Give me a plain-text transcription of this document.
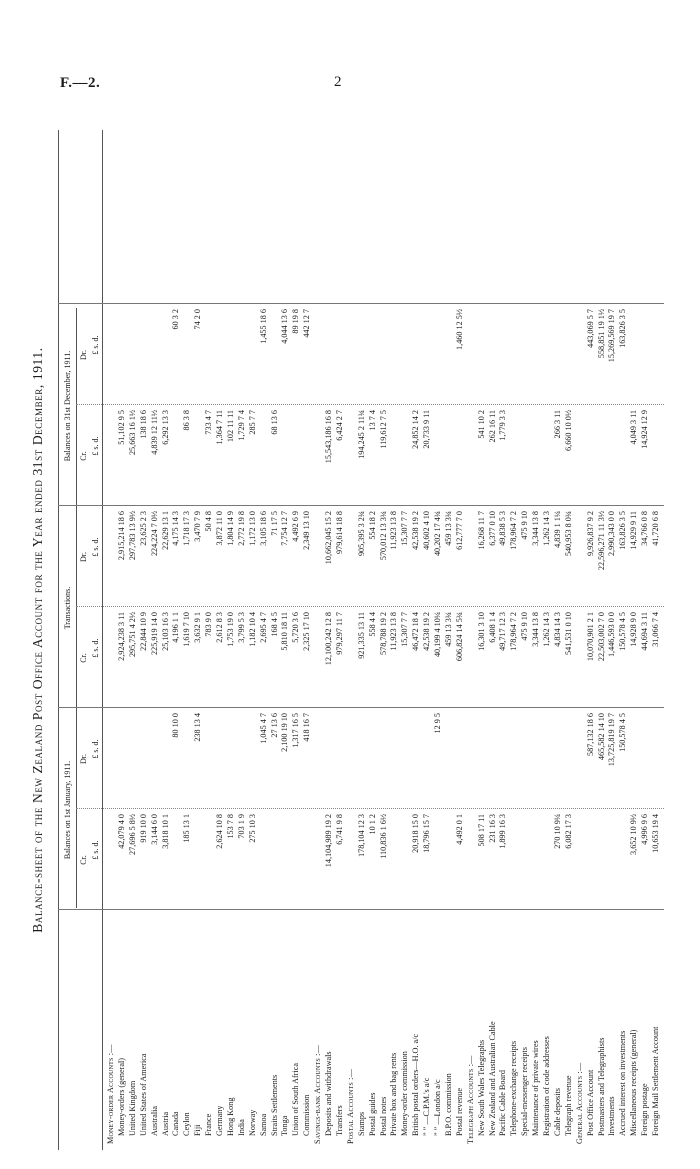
F.—2.	2
Balance-sheet of the New Zealand Post Office Account for the Year ended 31st December, 1911.	Balances on 1st January, 1911.
Transactions.
Balances on 31st December, 1911.
Cr.
Dr.
Cr.
Dr.
Cr.
Dr.
£ s. d.
£ s. d.
£ s. d.
£ s. d.
£ s. d.
£ s. d.
Money-order Accounts :— Money-orders (general)
42,079 4 0
2,924,238 3 11
2,915,214 18 6
51,102 9 5
United Kingdom
27,696 5 8½
295,751 4 2½
297,783 13 9½
25,663 16 1½
United States of America
919 10 0
22,844 10 9
23,625 2 3
138 18 6
Australia
3,144 6 0
225,919 14 0
224,224 7 0½
4,839 12 11½
Austria
3,818 10 1
25,103 16 3
22,629 13 1
6,292 13 3
Canada
80 10 0
4,196 1 1
4,175 14 3
60 3 2
Ceylon
185 13 1
1,619 7 10
1,718 17 3
86 3 8
Fiji
238 13 4
3,632 9 1
3,470 7 9
74 2 0
France
783 9 0
50 4 8
733 4 7
Germany
2,624 10 8
2,612 8 3
3,872 11 0
1,364 7 11
Hong Kong
153 7 8
1,753 19 0
1,804 14 9
102 11 11
India
703 1 9
3,799 5 3
2,772 19 8
1,729 7 4
Norway
275 10 3
1,182 10 4
1,172 13 0
285 7 7
Samoa
1,045 4 7
2,695 4 7
3,105 18 6
1,455 18 6
Straits Settlements
27 13 6
168 4 5
71 17 5
68 13 6
Tonga
2,100 19 10
5,810 18 11
7,754 12 7
4,044 13 6
Union of South Africa
1,317 16 5
5,720 3 6
4,492 6 9
89 19 8
Commission
418 16 7
2,325 17 10
2,349 13 10
442 12 7
Savings-bank Accounts :— Deposits and withdrawals
14,104,989 19 2
12,100,242 12 8
10,662,045 15 2
15,543,186 16 8
Transfers
6,741 9 8
979,297 11 7
979,614 18 8
6,424 2 7
Postal Accounts :— Stamps
178,104 12 3
921,335 13 11
905,395 3 2¾
194,245 2 11¾
Postal guides
10 1 2
558 4 4
554 18 2
13 7 4
Postal notes
110,836 1 6½
578,788 19 2
570,012 13 3¾
119,612 7 5
Private box and bag rents
11,923 13 8
11,923 13 8
Money-order commission
15,307 7 7
15,307 7 7
British postal orders—H.O. a/c
20,918 15 0
46,472 18 4
42,538 19 2
24,852 14 2
” ” —C.P.M.'s a/c
18,796 15 7
42,538 19 2
40,602 4 10
20,733 9 11
” ” —London a/c
12 9 5
40,199 4 10¼
40,202 17 4¾
B.P.O. commission
459 13 3¾
459 13 3¾
Postal revenue
4,492 0 1
606,824 14 5¾
612,777 7 0
1,460 12 5½
Telegraph Accounts :— New South Wales Telegraphs
508 17 11
16,301 3 10
16,268 11 7
541 10 2
New Zealand and Australian Cable
231 16 3
6,408 1 4
6,377 0 10
262 16 11
Pacific Cable Board
1,899 16 3
49,717 12 3
49,838 5 3
1,779 3 3
Telephone-exchange receipts
178,964 7 2
178,964 7 2
Special-messenger receipts
475 9 10
475 9 10
Maintenance of private wires
3,344 13 8
3,344 13 8
Registration of code addresses
1,262 14 3
1,262 14 3
Cable deposits
270 10 9¼
4,834 14 3
4,839 1 1¼
266 3 11
Telegraph revenue
6,082 17 3
541,531 0 10
540,953 8 0¾
6,660 10 0½
General Accounts :— Post Office Account
587,132 18 6
10,070,901 2 1
9,926,837 9 2
443,069 5 7
Postmasters and Telegraphists
465,582 14 10
22,503,002 7 0
22,596,271 11 3½
558,851 19 1½
Investments
13,725,819 19 7
1,446,593 0 0
2,990,343 0 0
15,269,569 19 7
Accrued interest on investments
150,578 4 5
150,578 4 5
163,826 3 5
163,826 3 5
Miscellaneous receipts (general)
3,652 10 9½
14,928 9 0
14,929 9 11
4,049 3 11
Foreign postage
4,996 9 6
44,694 3 11
34,766 0 8
14,924 12 9
Foreign Mail Settlement Account
10,653 19 4
31,066 7 4
41,720 6 8
